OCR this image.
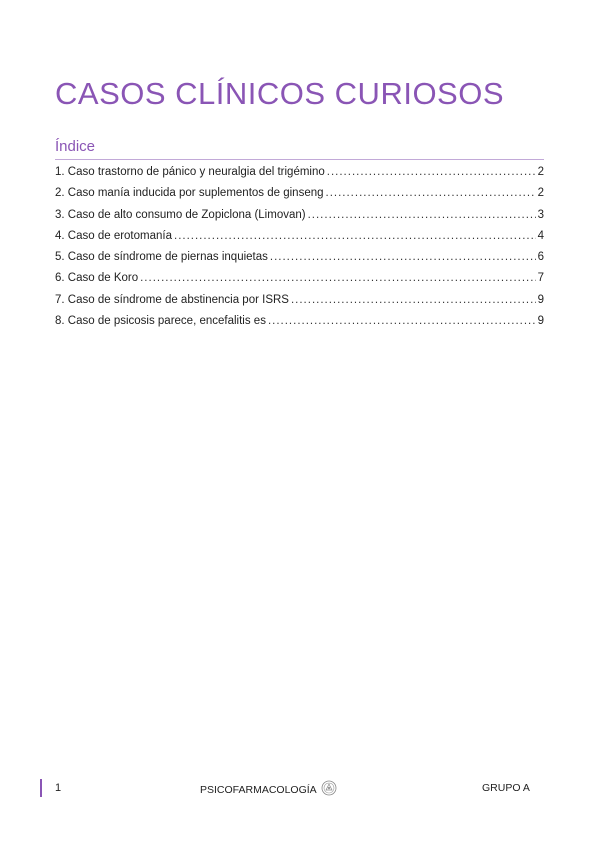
CASOS CLÍNICOS CURIOSOS
Índice
1. Caso trastorno de pánico y neuralgia del trigémino .....	2
2. Caso manía inducida por suplementos de ginseng .....	2
3. Caso de alto consumo de Zopiclona (Limovan) .....	3
4. Caso de erotomanía .....	4
5. Caso de síndrome de piernas inquietas .....	6
6. Caso de Koro .....	7
7. Caso de síndrome de abstinencia por ISRS .....	9
8. Caso de psicosis parece, encefalitis es .....	9
1	PSICOFARMACOLOGÍA	GRUPO A
